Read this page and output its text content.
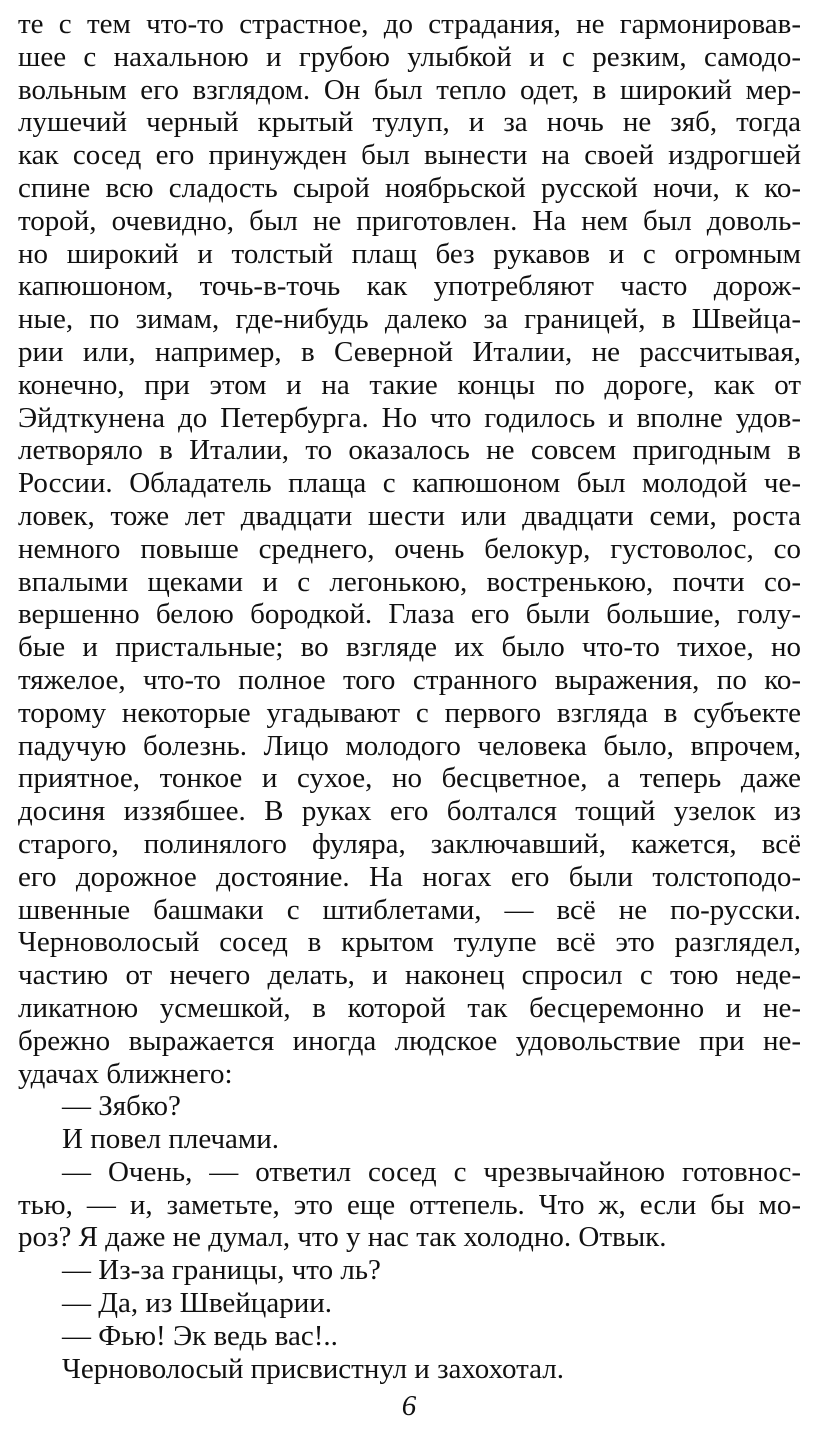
те с тем что-то страстное, до страдания, не гармонировав-
шее с нахальною и грубою улыбкой и с резким, самодо-
вольным его взглядом. Он был тепло одет, в широкий мер-
лушечий черный крытый тулуп, и за ночь не зяб, тогда
как сосед его принужден был вынести на своей издрогшей
спине всю сладость сырой ноябрьской русской ночи, к ко-
торой, очевидно, был не приготовлен. На нем был доволь-
но широкий и толстый плащ без рукавов и с огромным
капюшоном, точь-в-точь как употребляют часто дорож-
ные, по зимам, где-нибудь далеко за границей, в Швейца-
рии или, например, в Северной Италии, не рассчитывая,
конечно, при этом и на такие концы по дороге, как от
Эйдткунена до Петербурга. Но что годилось и вполне удов-
летворяло в Италии, то оказалось не совсем пригодным в
России. Обладатель плаща с капюшоном был молодой че-
ловек, тоже лет двадцати шести или двадцати семи, роста
немного повыше среднего, очень белокур, густоволос, со
впалыми щеками и с легонькою, востренькою, почти со-
вершенно белою бородкой. Глаза его были большие, голу-
бые и пристальные; во взгляде их было что-то тихое, но
тяжелое, что-то полное того странного выражения, по ко-
торому некоторые угадывают с первого взгляда в субъекте
падучую болезнь. Лицо молодого человека было, впрочем,
приятное, тонкое и сухое, но бесцветное, а теперь даже
досиня иззябшее. В руках его болтался тощий узелок из
старого, полинялого фуляра, заключавший, кажется, всё
его дорожное достояние. На ногах его были толстоподо-
швенные башмаки с штиблетами, — всё не по-русски.
Черноволосый сосед в крытом тулупе всё это разглядел,
частию от нечего делать, и наконец спросил с тою неде-
ликатною усмешкой, в которой так бесцеремонно и не-
брежно выражается иногда людское удовольствие при не-
удачах ближнего:
— Зябко?
И повел плечами.
— Очень, — ответил сосед с чрезвычайною готовнос-
тью, — и, заметьте, это еще оттепель. Что ж, если бы мо-
роз? Я даже не думал, что у нас так холодно. Отвык.
— Из-за границы, что ль?
— Да, из Швейцарии.
— Фью! Эк ведь вас!..
Черноволосый присвистнул и захохотал.
6
